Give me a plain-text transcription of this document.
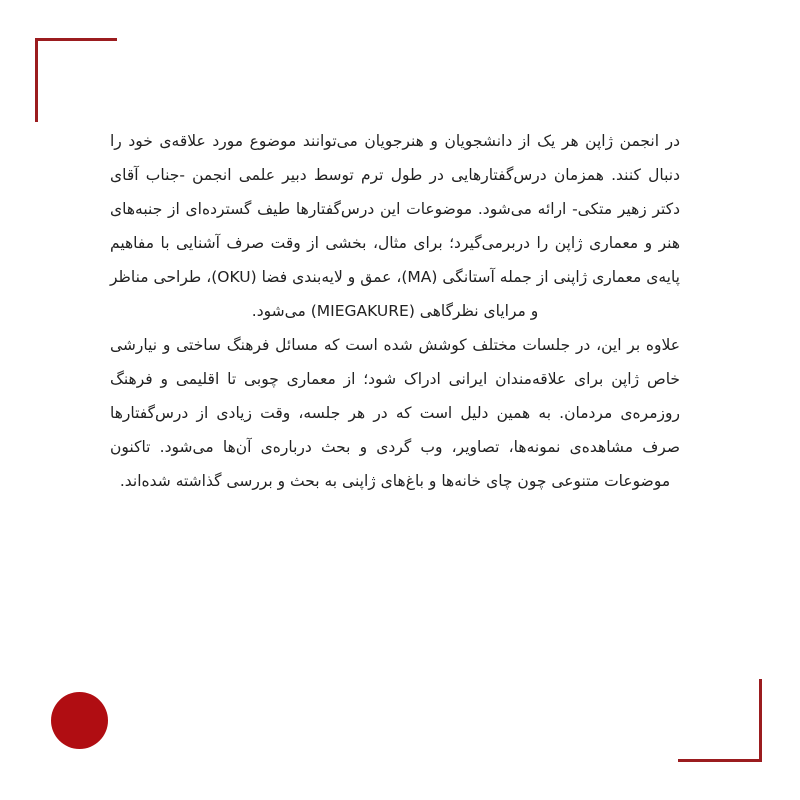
در انجمن ژاپن هر یک از دانشجویان و هنرجویان می‌توانند موضوع مورد علاقه‌ی خود را دنبال کنند. همزمان درس‌گفتارهایی در طول ترم توسط دبیر علمی انجمن -جناب آقای دکتر زهیر متکی- ارائه می‌شود. موضوعات این درس‌گفتارها طیف گسترده‌ای از جنبه‌های هنر و معماری ژاپن را دربرمی‌گیرد؛ برای مثال، بخشی از وقت صرف آشنایی با مفاهیم پایه‌ی معماری ژاپنی از جمله آستانگی (MA)، عمق و لایه‌بندی فضا (OKU)، طراحی مناظر و مرایای نظرگاهی (MIEGAKURE) می‌شود.

علاوه بر این، در جلسات مختلف کوشش شده است که مسائل فرهنگ ساختی و نیارشی خاص ژاپن برای علاقه‌مندان ایرانی ادراک شود؛ از معماری چوبی تا اقلیمی و فرهنگ روزمره‌ی مردمان. به همین دلیل است که در هر جلسه، وقت زیادی از درس‌گفتارها صرف مشاهده‌ی نمونه‌ها، تصاویر، وب گردی و بحث درباره‌ی آن‌ها می‌شود. تاکنون موضوعات متنوعی چون چای خانه‌ها و باغ‌های ژاپنی به بحث و بررسی گذاشته شده‌اند.
